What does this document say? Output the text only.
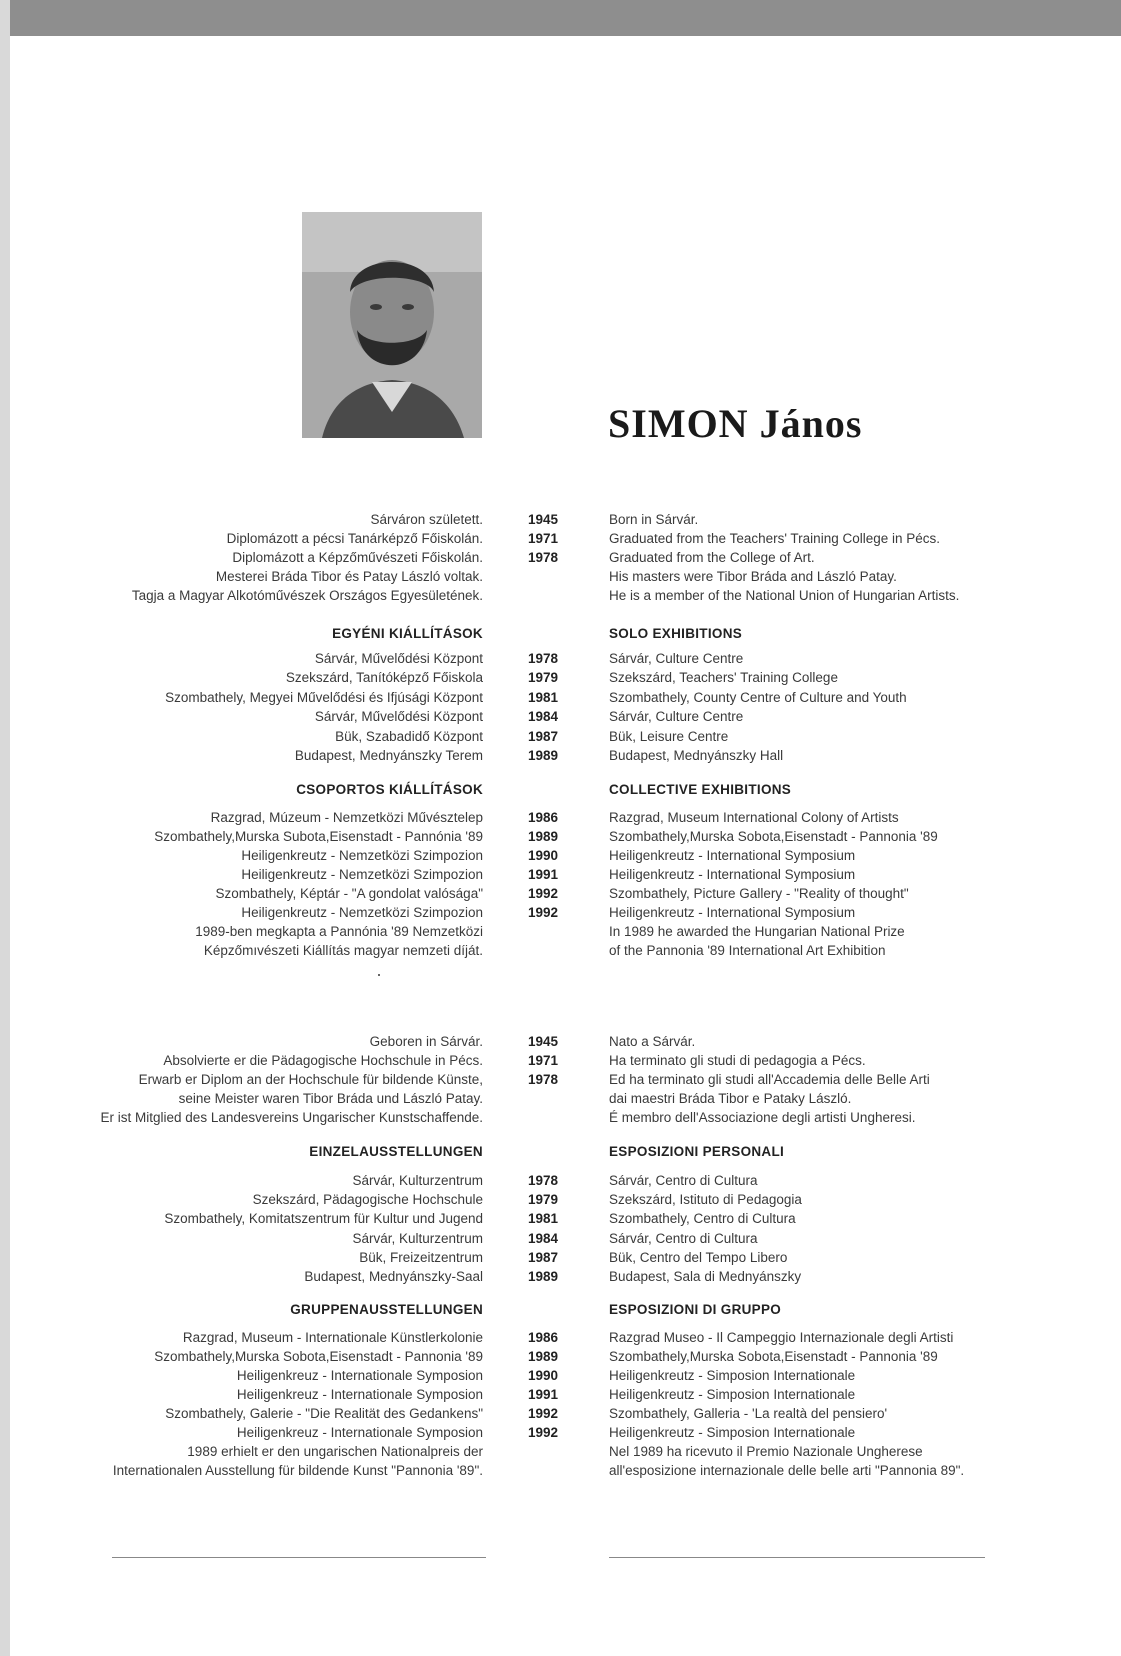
SIMON János
Sárváron született.	1945	Born in Sárvár.
Diplomázott a pécsi Tanárképző Főiskolán.	1971	Graduated from the Teachers' Training College in Pécs.
Diplomázott a Képzőművészeti Főiskolán.	1978	Graduated from the College of Art.
Mesterei Bráda Tibor és Patay László voltak.	His masters were Tibor Bráda and László Patay.
Tagja a Magyar Alkotóművészek Országos Egyesületének.	He is a member of the National Union of Hungarian Artists.
EGYÉNI KIÁLLÍTÁSOK	SOLO EXHIBITIONS
Sárvár, Művelődési Központ	1978	Sárvár, Culture Centre
Szekszárd, Tanítóképző Főiskola	1979	Szekszárd, Teachers' Training College
Szombathely, Megyei Művelődési és Ifjúsági Központ	1981	Szombathely, County Centre of Culture and Youth
Sárvár, Művelődési Központ	1984	Sárvár, Culture Centre
Bük, Szabadidő Központ	1987	Bük, Leisure Centre
Budapest, Mednyánszky Terem	1989	Budapest, Mednyánszky Hall
CSOPORTOS KIÁLLÍTÁSOK	COLLECTIVE EXHIBITIONS
Razgrad, Múzeum - Nemzetközi Művésztelep	1986	Razgrad, Museum International Colony of Artists
Szombathely,Murska Subota,Eisenstadt - Pannónia '89	1989	Szombathely,Murska Sobota,Eisenstadt - Pannonia '89
Heiligenkreutz - Nemzetközi Szimpozion	1990	Heiligenkreutz - International Symposium
Heiligenkreutz - Nemzetközi Szimpozion	1991	Heiligenkreutz - International Symposium
Szombathely, Képtár - "A gondolat valósága"	1992	Szombathely, Picture Gallery - "Reality of thought"
Heiligenkreutz - Nemzetközi Szimpozion	1992	Heiligenkreutz - International Symposium
1989-ben megkapta a Pannónia '89 Nemzetközi	In 1989 he awarded the Hungarian National Prize
Képzőmıvészeti Kiállítás magyar nemzeti díját.	of the Pannonia '89 International Art Exhibition
Geboren in Sárvár.	1945	Nato a Sárvár.
Absolvierte er die Pädagogische Hochschule in Pécs.	1971	Ha terminato gli studi di pedagogia a Pécs.
Erwarb er Diplom an der Hochschule für bildende Künste,	1978	Ed ha terminato gli studi all'Accademia delle Belle Arti
seine Meister waren Tibor Bráda und László Patay.	dai maestri Bráda Tibor e Pataky László.
Er ist Mitglied des Landesvereins Ungarischer Kunstschaffende.	É membro dell'Associazione degli artisti Ungheresi.
EINZELAUSSTELLUNGEN	ESPOSIZIONI PERSONALI
Sárvár, Kulturzentrum	1978	Sárvár, Centro di Cultura
Szekszárd, Pädagogische Hochschule	1979	Szekszárd, Istituto di Pedagogia
Szombathely, Komitatszentrum für Kultur und Jugend	1981	Szombathely, Centro di Cultura
Sárvár, Kulturzentrum	1984	Sárvár, Centro di Cultura
Bük, Freizeitzentrum	1987	Bük, Centro del Tempo Libero
Budapest, Mednyánszky-Saal	1989	Budapest, Sala di Mednyánszky
GRUPPENAUSSTELLUNGEN	ESPOSIZIONI DI GRUPPO
Razgrad, Museum - Internationale Künstlerkolonie	1986	Razgrad Museo - Il Campeggio Internazionale degli Artisti
Szombathely,Murska Sobota,Eisenstadt - Pannonia '89	1989	Szombathely,Murska Sobota,Eisenstadt - Pannonia '89
Heiligenkreuz - Internationale Symposion	1990	Heiligenkreutz - Simposion Internationale
Heiligenkreuz - Internationale Symposion	1991	Heiligenkreutz - Simposion Internationale
Szombathely, Galerie - "Die Realität des Gedankens"	1992	Szombathely, Galleria - 'La realtà del pensiero'
Heiligenkreuz - Internationale Symposion	1992	Heiligenkreutz - Simposion Internationale
1989 erhielt er den ungarischen Nationalpreis der	Nel 1989 ha ricevuto il Premio Nazionale Ungherese
Internationalen Ausstellung für bildende Kunst "Pannonia '89".	all'esposizione internazionale delle belle arti "Pannonia 89".
